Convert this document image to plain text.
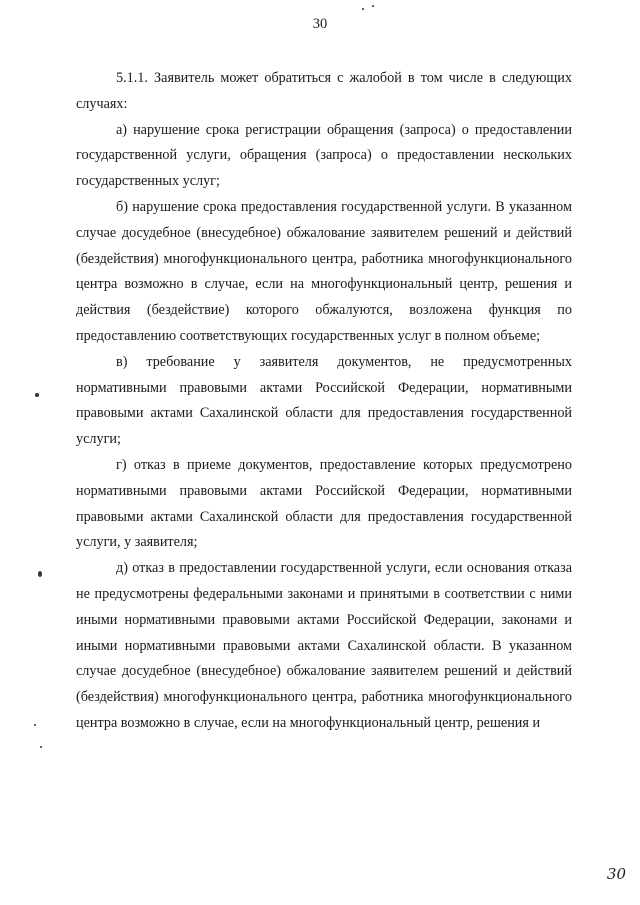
30

5.1.1. Заявитель может обратиться с жалобой в том числе в следующих случаях:

а) нарушение срока регистрации обращения (запроса) о предоставлении государственной услуги, обращения (запроса) о предоставлении нескольких государственных услуг;

б) нарушение срока предоставления государственной услуги. В указанном случае досудебное (внесудебное) обжалование заявителем решений и действий (бездействия) многофункционального центра, работника многофункционального центра возможно в случае, если на многофункциональный центр, решения и действия (бездействие) которого обжалуются, возложена функция по предоставлению соответствующих государственных услуг в полном объеме;

в) требование у заявителя документов, не предусмотренных нормативными правовыми актами Российской Федерации, нормативными правовыми актами Сахалинской области для предоставления государственной услуги;

г) отказ в приеме документов, предоставление которых предусмотрено нормативными правовыми актами Российской Федерации, нормативными правовыми актами Сахалинской области для предоставления государственной услуги, у заявителя;

д) отказ в предоставлении государственной услуги, если основания отказа не предусмотрены федеральными законами и принятыми в соответствии с ними иными нормативными правовыми актами Российской Федерации, законами и иными нормативными правовыми актами Сахалинской области. В указанном случае досудебное (внесудебное) обжалование заявителем решений и действий (бездействия) многофункционального центра, работника многофункционального центра возможно в случае, если на многофункциональный центр, решения и

30
